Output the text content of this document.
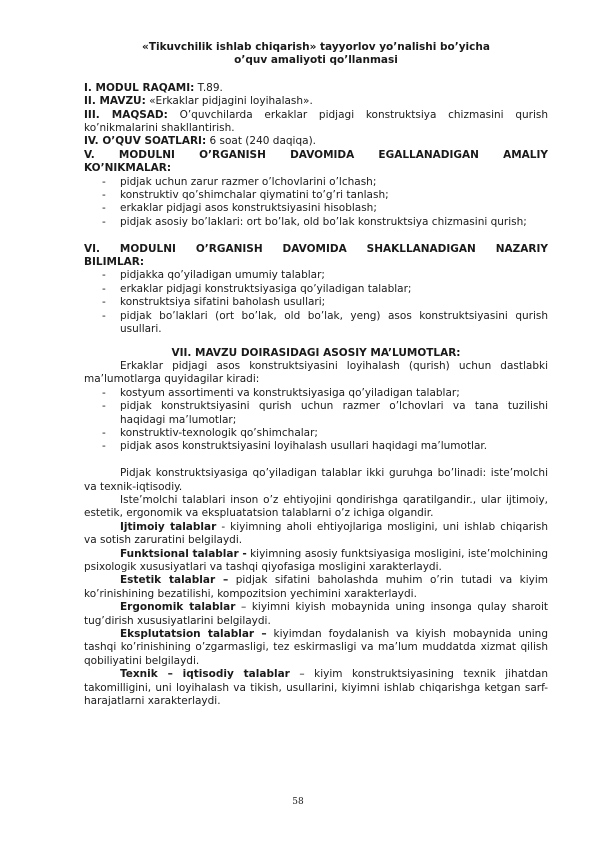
«Tikuvchilik ishlab chiqarish» tayyorlov yo’nalishi bo’yicha
o’quv amaliyoti qo’llanmasi

I. MODUL RAQAMI: T.89.

II. MAVZU: «Erkaklar pidjagini loyihalash».

III. MAQSAD: O’quvchilarda erkaklar pidjagi konstruktsiya chizmasini qurish ko’nikmalarini shakllantirish.

IV. O’QUV SOATLARI: 6 soat (240 daqiqa).

V. MODULNI O’RGANISH DAVOMIDA EGALLANADIGAN AMALIY

KO’NIKMALAR:

- pidjak uchun zarur razmer o’lchovlarini o’lchash;
- konstruktiv qo’shimchalar qiymatini to’g’ri tanlash;
- erkaklar pidjagi asos konstruktsiyasini hisoblash;
- pidjak asosiy bo’laklari: ort bo’lak, old bo’lak konstruktsiya chizmasini qurish;

VI. MODULNI O’RGANISH DAVOMIDA SHAKLLANADIGAN NAZARIY

BILIMLAR:

- pidjakka qo’yiladigan umumiy talablar;
- erkaklar pidjagi konstruktsiyasiga qo’yiladigan talablar;
- konstruktsiya sifatini baholash usullari;
- pidjak bo’laklari (ort bo’lak, old bo’lak, yeng) asos konstruktsiyasini qurish usullari.

VII. MAVZU DOIRASIDAGI ASOSIY MA’LUMOTLAR:

Erkaklar pidjagi asos konstruktsiyasini loyihalash (qurish) uchun dastlabki ma’lumotlarga quyidagilar kiradi:

- kostyum assortimenti va konstruktsiyasiga qo’yiladigan talablar;
- pidjak konstruktsiyasini qurish uchun razmer o’lchovlari va tana tuzilishi haqidagi ma’lumotlar;
- konstruktiv-texnologik qo’shimchalar;
- pidjak asos konstruktsiyasini loyihalash usullari haqidagi ma’lumotlar.

Pidjak konstruktsiyasiga qo’yiladigan talablar ikki guruhga bo’linadi: iste’molchi va texnik-iqtisodiy.

Iste’molchi talablari inson o’z ehtiyojini qondirishga qaratilgandir., ular ijtimoiy, estetik, ergonomik va ekspluatatsion talablarni o’z ichiga olgandir.

Ijtimoiy talablar - kiyimning aholi ehtiyojlariga mosligini, uni ishlab chiqarish va sotish zaruratini belgilaydi.

Funktsional talablar - kiyimning asosiy funktsiyasiga mosligini, iste’molchining psixologik xususiyatlari va tashqi qiyofasiga mosligini xarakterlaydi.

Estetik talablar – pidjak sifatini baholashda muhim o’rin tutadi va kiyim ko’rinishining bezatilishi, kompozitsion yechimini xarakterlaydi.

Ergonomik talablar – kiyimni kiyish mobaynida uning insonga qulay sharoit tug’dirish xususiyatlarini belgilaydi.

Eksplutatsion talablar – kiyimdan foydalanish va kiyish mobaynida uning tashqi ko’rinishining o’zgarmasligi, tez eskirmasligi va ma’lum muddatda xizmat qilish qobiliyatini belgilaydi.

Texnik – iqtisodiy talablar – kiyim konstruktsiyasining texnik jihatdan takomilligini, uni loyihalash va tikish, usullarini, kiyimni ishlab chiqarishga ketgan sarf-harajatlarni xarakterlaydi.

58
